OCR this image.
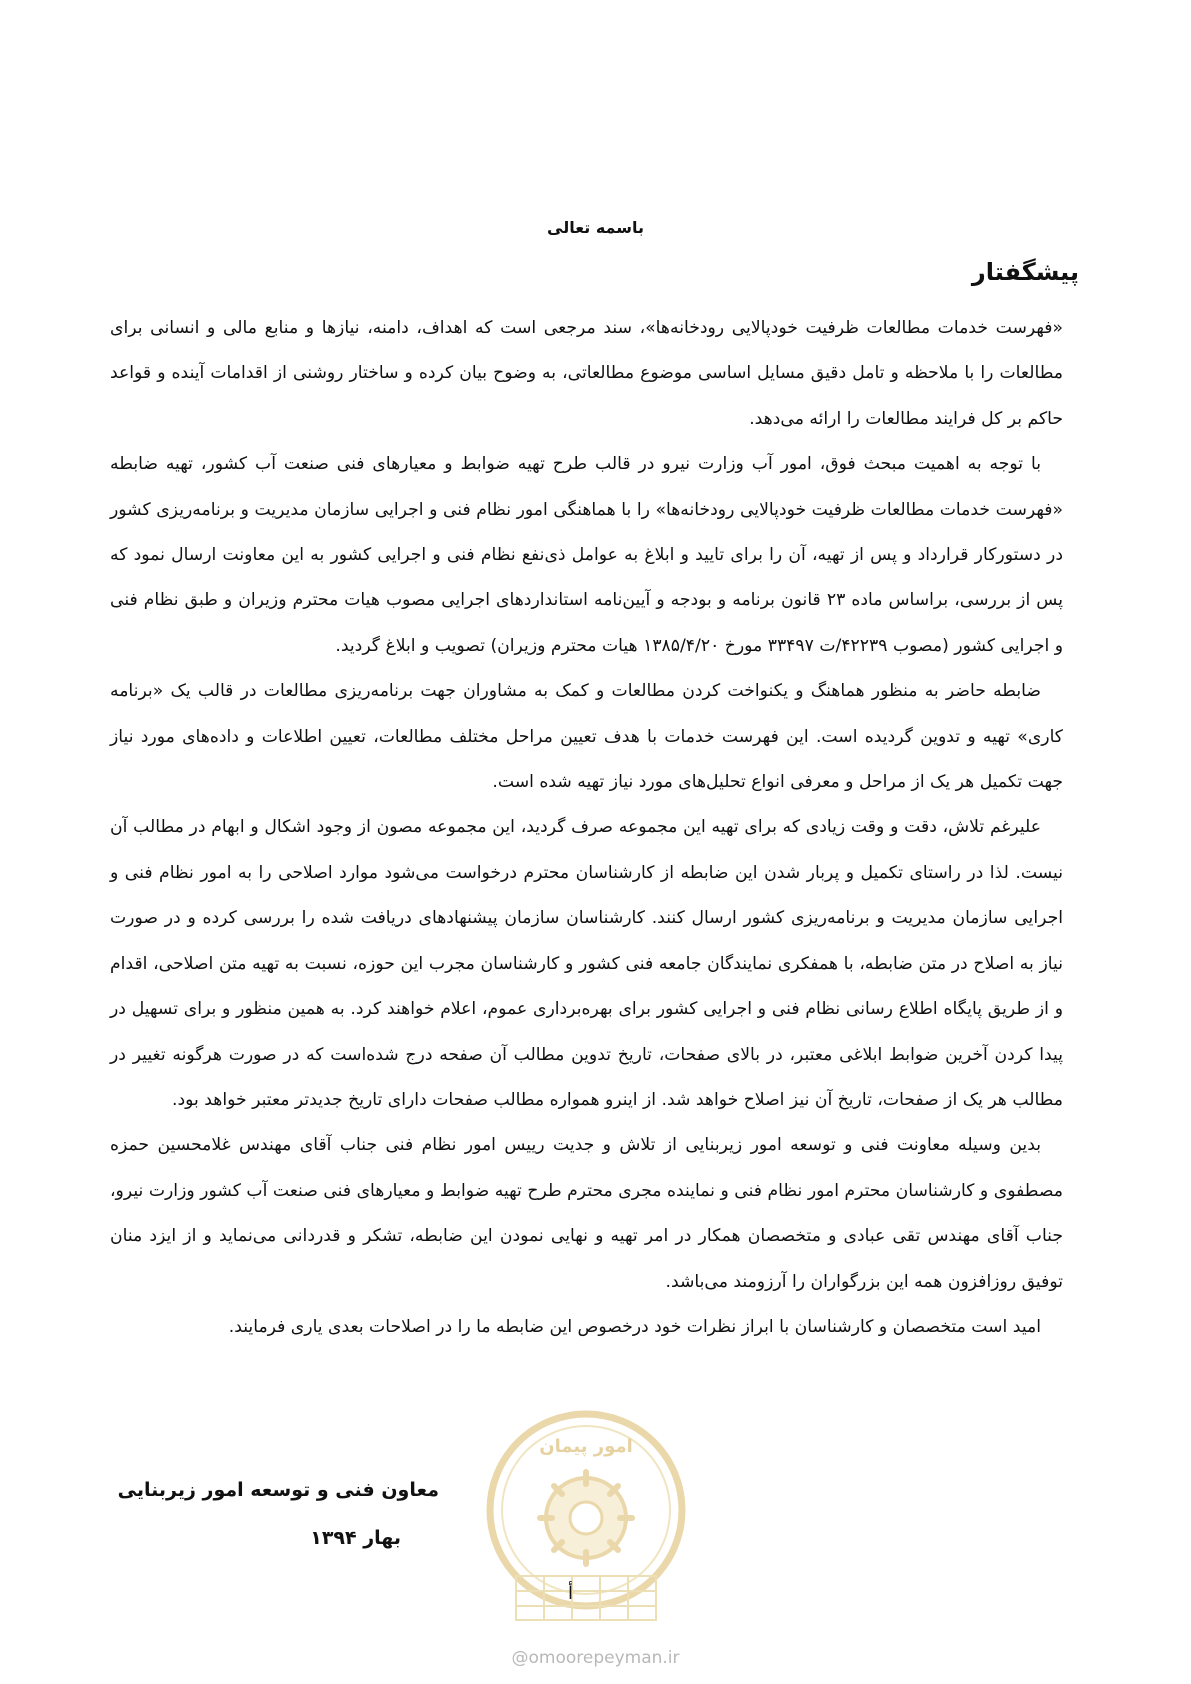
باسمه تعالی

پیشگفتار

«فهرست خدمات مطالعات ظرفیت خودپالایی رودخانه‌ها»، سند مرجعی است که اهداف، دامنه، نیازها و منابع مالی و انسانی برای مطالعات را با ملاحظه و تامل دقیق مسایل اساسی موضوع مطالعاتی، به وضوح بیان کرده و ساختار روشنی از اقدامات آینده و قواعد حاکم بر کل فرایند مطالعات را ارائه می‌دهد.

با توجه به اهمیت مبحث فوق، امور آب وزارت نیرو در قالب طرح تهیه ضوابط و معیارهای فنی صنعت آب کشور، تهیه ضابطه «فهرست خدمات مطالعات ظرفیت خودپالایی رودخانه‌ها» را با هماهنگی امور نظام فنی و اجرایی سازمان مدیریت و برنامه‌ریزی کشور در دستورکار قرارداد و پس از تهیه، آن را برای تایید و ابلاغ به عوامل ذی‌نفع نظام فنی و اجرایی کشور به این معاونت ارسال نمود که پس از بررسی، براساس ماده ۲۳ قانون برنامه و بودجه و آیین‌نامه استانداردهای اجرایی مصوب هیات محترم وزیران و طبق نظام فنی و اجرایی کشور (مصوب ۴۲۲۳۹/ت ۳۳۴۹۷ مورخ ۱۳۸۵/۴/۲۰ هیات محترم وزیران) تصویب و ابلاغ گردید.

ضابطه حاضر به منظور هماهنگ و یکنواخت کردن مطالعات و کمک به مشاوران جهت برنامه‌ریزی مطالعات در قالب یک «برنامه کاری» تهیه و تدوین گردیده است. این فهرست خدمات با هدف تعیین مراحل مختلف مطالعات، تعیین اطلاعات و داده‌های مورد نیاز جهت تکمیل هر یک از مراحل و معرفی انواع تحلیل‌های مورد نیاز تهیه شده است.

علیرغم تلاش، دقت و وقت زیادی که برای تهیه این مجموعه صرف گردید، این مجموعه مصون از وجود اشکال و ابهام در مطالب آن نیست. لذا در راستای تکمیل و پربار شدن این ضابطه از کارشناسان محترم درخواست می‌شود موارد اصلاحی را به امور نظام فنی و اجرایی سازمان مدیریت و برنامه‌ریزی کشور ارسال کنند. کارشناسان سازمان پیشنهادهای دریافت شده را بررسی کرده و در صورت نیاز به اصلاح در متن ضابطه، با همفکری نمایندگان جامعه فنی کشور و کارشناسان مجرب این حوزه، نسبت به تهیه متن اصلاحی، اقدام و از طریق پایگاه اطلاع رسانی نظام فنی و اجرایی کشور برای بهره‌برداری عموم، اعلام خواهند کرد. به همین منظور و برای تسهیل در پیدا کردن آخرین ضوابط ابلاغی معتبر، در بالای صفحات، تاریخ تدوین مطالب آن صفحه درج شده‌است که در صورت هرگونه تغییر در مطالب هر یک از صفحات، تاریخ آن نیز اصلاح خواهد شد. از اینرو همواره مطالب صفحات دارای تاریخ جدیدتر معتبر خواهد بود.

بدین وسیله معاونت فنی و توسعه امور زیربنایی از تلاش و جدیت رییس امور نظام فنی جناب آقای مهندس غلامحسین حمزه مصطفوی و کارشناسان محترم امور نظام فنی و نماینده مجری محترم طرح تهیه ضوابط و معیارهای فنی صنعت آب کشور وزارت نیرو، جناب آقای مهندس تقی عبادی و متخصصان همکار در امر تهیه و نهایی نمودن این ضابطه، تشکر و قدردانی می‌نماید و از ایزد منان توفیق روزافزون همه این بزرگواران را آرزومند می‌باشد.

امید است متخصصان و کارشناسان با ابراز نظرات خود درخصوص این ضابطه ما را در اصلاحات بعدی یاری فرمایند.

امور پیمان

معاون فنی و توسعه امور زیربنایی

بهار ۱۳۹۴

أ
@omoorepeyman.ir
